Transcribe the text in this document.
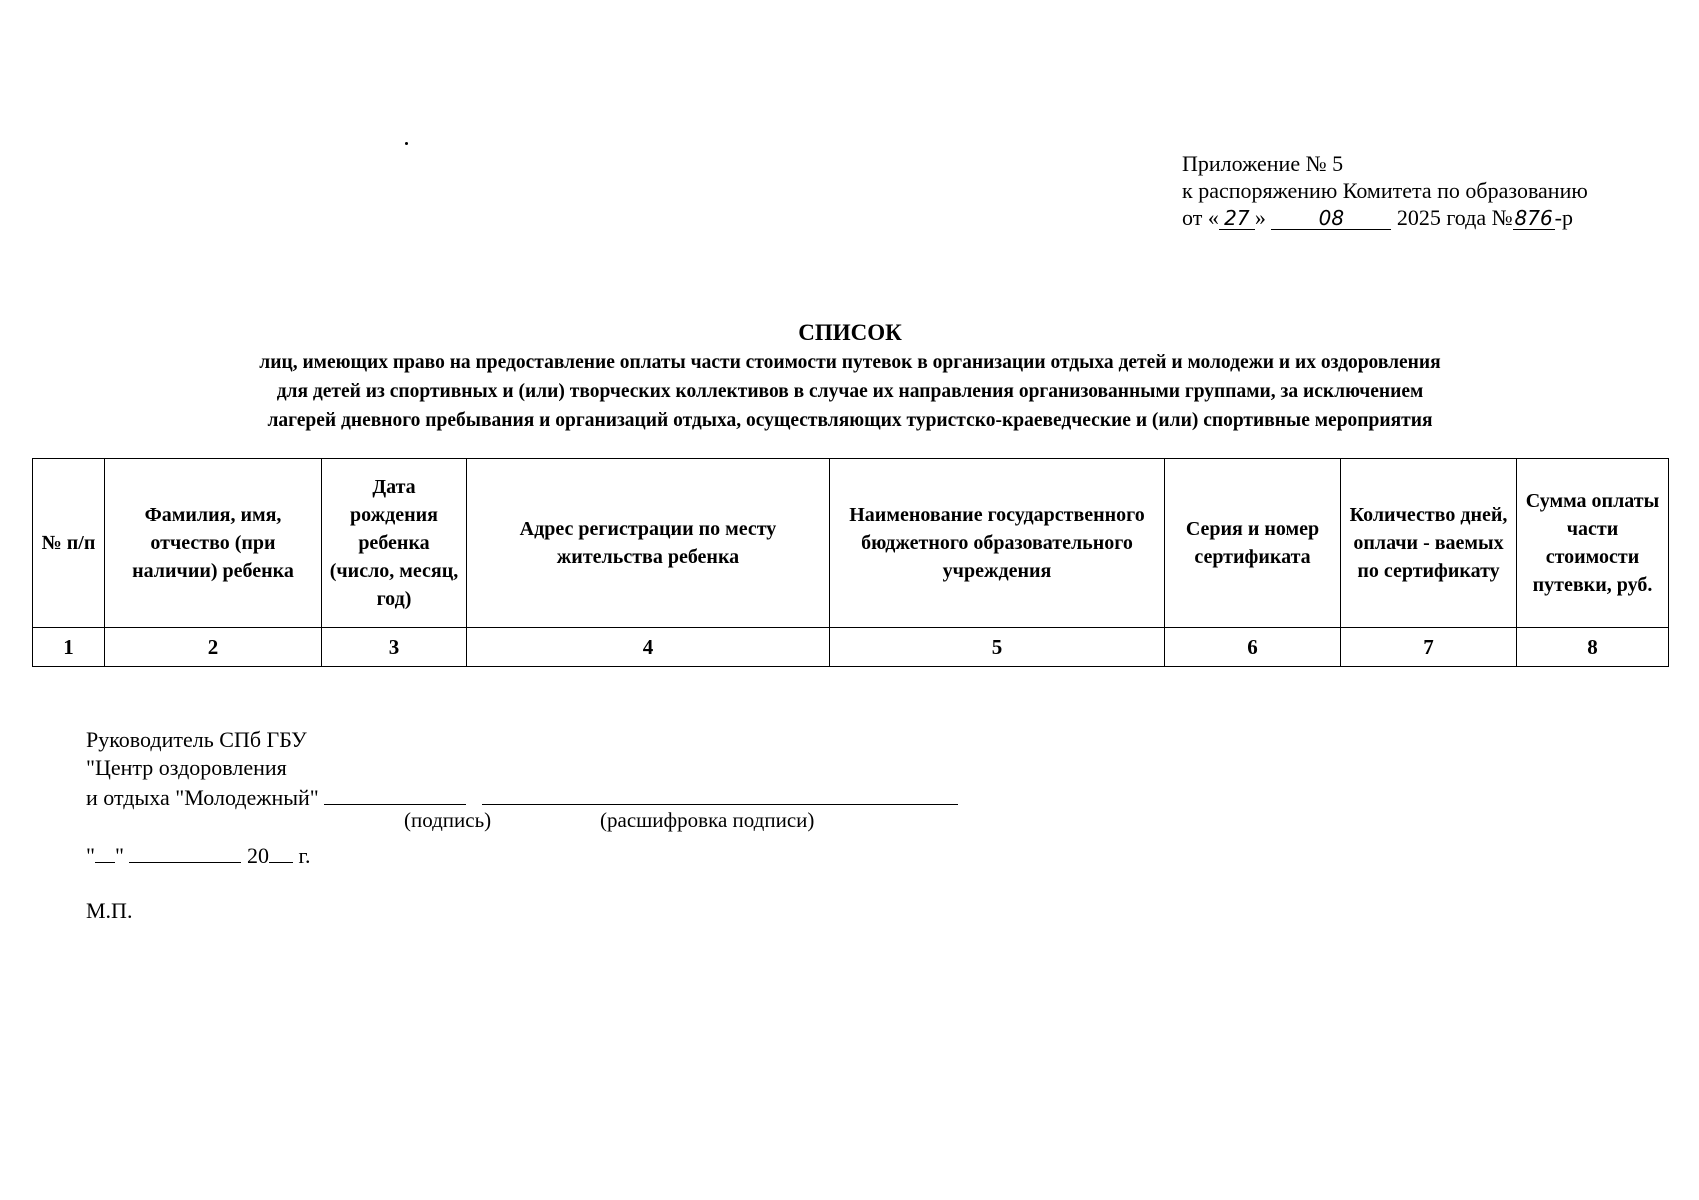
Приложение № 5
к распоряжению Комитета по образованию
от « 27 »	08 2025 года №876-р
СПИСОК
лиц, имеющих право на предоставление оплаты части стоимости путевок в организации отдыха детей и молодежи и их оздоровления
для детей из спортивных и (или) творческих коллективов в случае их направления организованными группами, за исключением
лагерей дневного пребывания и организаций отдыха, осуществляющих туристско-краеведческие и (или) спортивные мероприятия
№ п/п	Фамилия, имя, отчество (при наличии) ребенка	Дата рождения ребенка (число, месяц, год)	Адрес регистрации по месту жительства ребенка	Наименование государственного бюджетного образовательного учреждения	Серия и номер сертификата	Количество дней, оплачи - ваемых по сертификату	Сумма оплаты части стоимости путевки, руб.
1	2	3	4	5	6	7	8
Руководитель СПб ГБУ
"Центр оздоровления
и отдыха "Молодежный"
(подпись)	(расшифровка подписи)
" "	20 г.
М.П.
